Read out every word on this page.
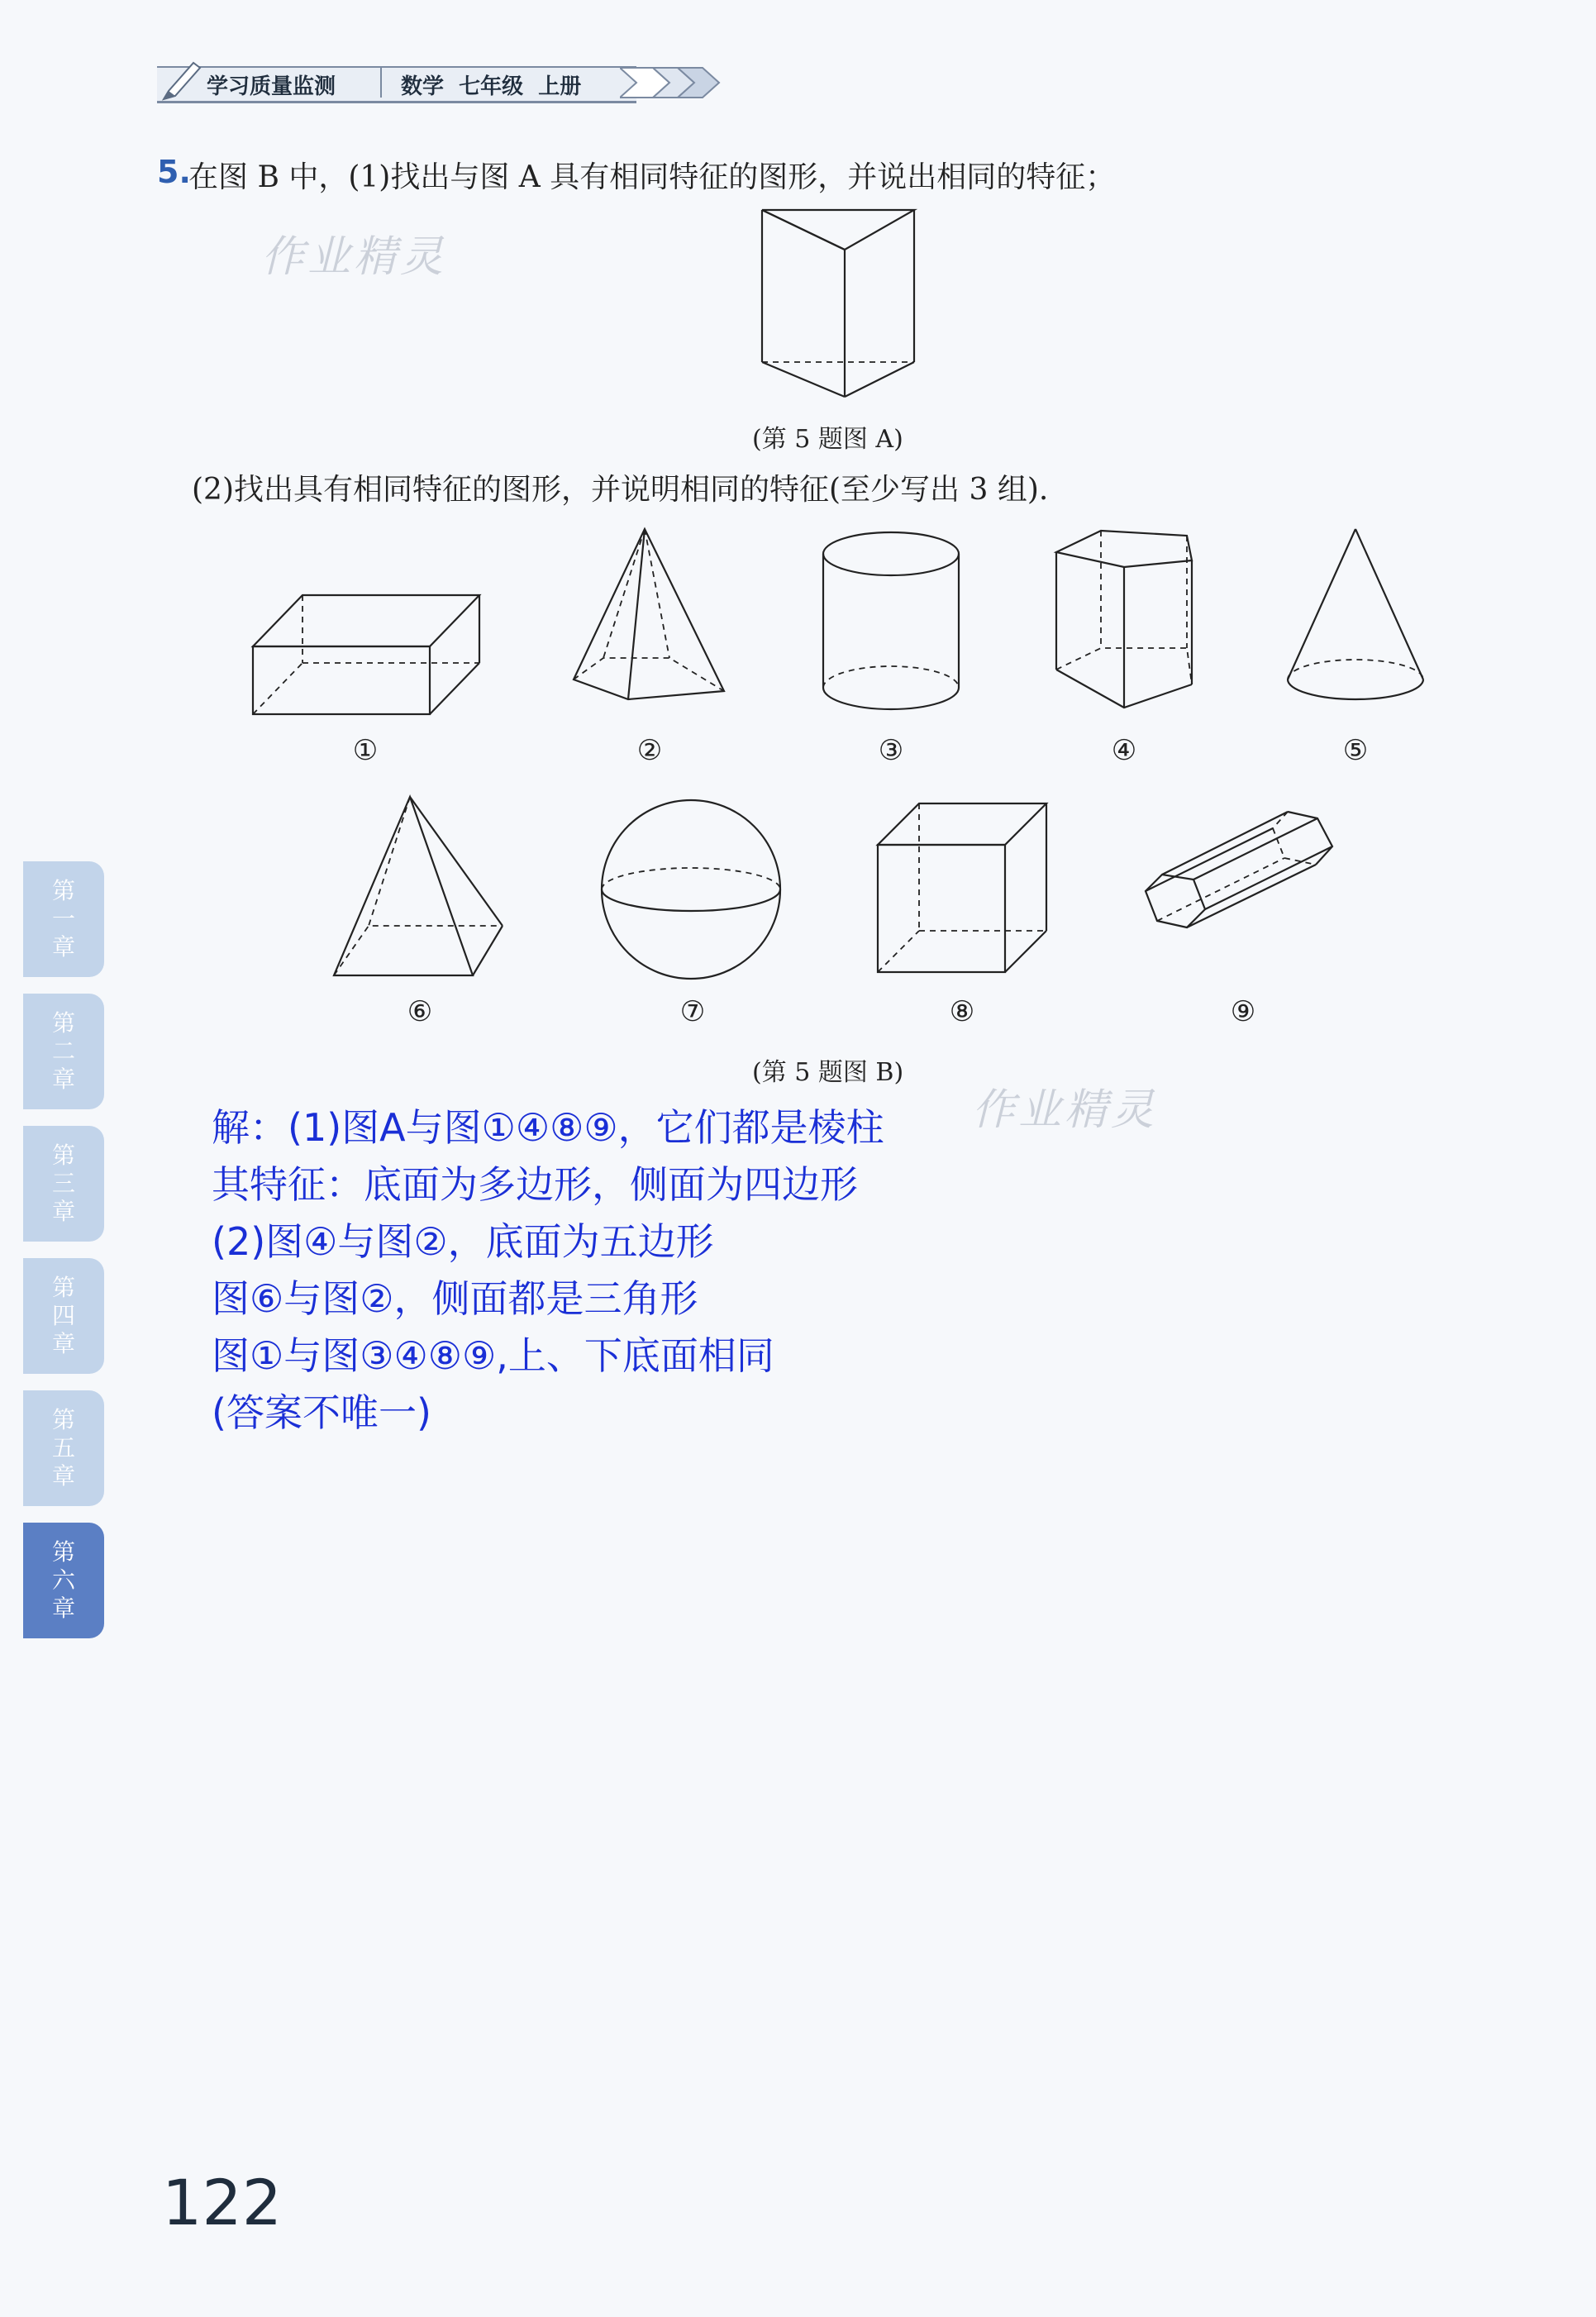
学习质量监测	数学  七年级  上册
5.
在图 B 中，(1)找出与图 A 具有相同特征的图形，并说出相同的特征；
作业精灵
(第 5 题图 A)
(2)找出具有相同特征的图形，并说明相同的特征(至少写出 3 组).
①	②	③	④	⑤
⑥	⑦	⑧	⑨
(第 5 题图 B)
作业精灵
解：(1)图A与图①④⑧⑨，它们都是棱柱
其特征：底面为多边形，侧面为四边形
(2)图④与图②，底面为五边形
图⑥与图②，侧面都是三角形
图①与图③④⑧⑨,上、下底面相同
(答案不唯一)
第
一
章
第
二
章
第
三
章
第
四
章
第
五
章
第
六
章
122
